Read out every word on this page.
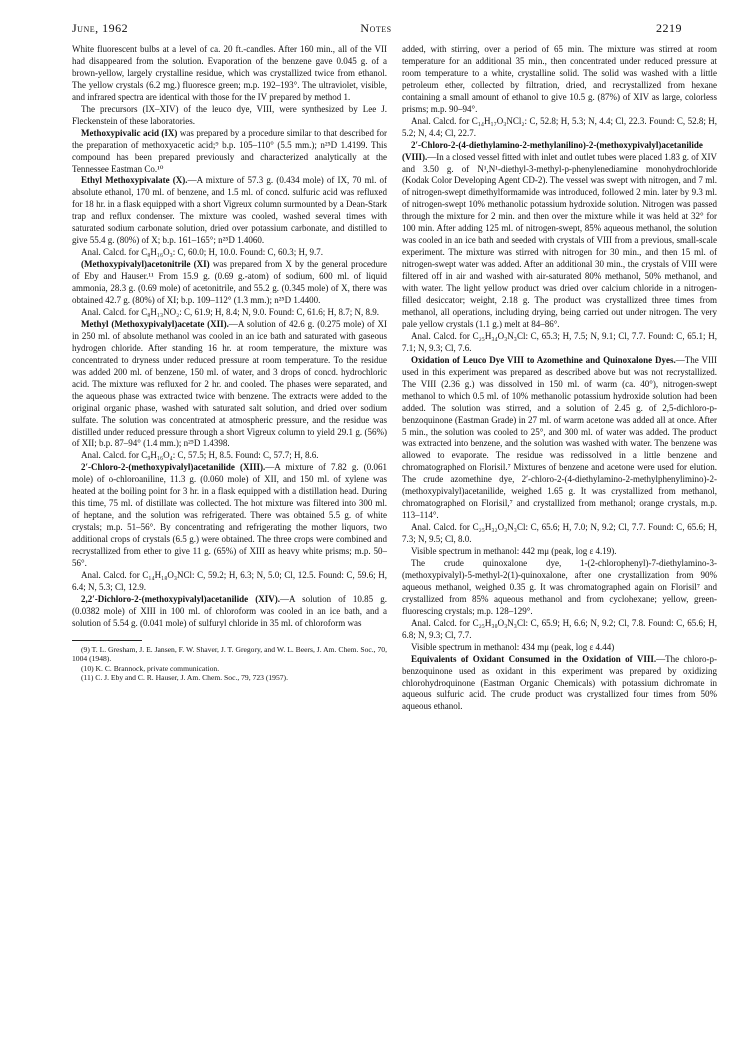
June, 1962	Notes	2219

White fluorescent bulbs at a level of ca. 20 ft.-candles. After 160 min., all of the VII had disappeared from the solution. Evaporation of the benzene gave 0.045 g. of a brown-yellow, largely crystalline residue, which was crystallized twice from ethanol. The yellow crystals (6.2 mg.) fluoresce green; m.p. 192–193°. The ultraviolet, visible, and infrared spectra are identical with those for the IV prepared by method 1.

The precursors (IX–XIV) of the leuco dye, VIII, were synthesized by Lee J. Fleckenstein of these laboratories.

Methoxypivalic acid (IX) was prepared by a procedure similar to that described for the preparation of methoxyacetic acid;⁹ b.p. 105–110° (5.5 mm.); n²⁵D 1.4199. This compound has been prepared previously and characterized analytically at the Tennessee Eastman Co.¹⁰

Ethyl Methoxypivalate (X).—A mixture of 57.3 g. (0.434 mole) of IX, 70 ml. of absolute ethanol, 170 ml. of benzene, and 1.5 ml. of concd. sulfuric acid was refluxed for 18 hr. in a flask equipped with a short Vigreux column surmounted by a Dean-Stark trap and reflux condenser. The mixture was cooled, washed several times with saturated sodium carbonate solution, dried over potassium carbonate, and distilled to give 55.4 g. (80%) of X; b.p. 161–165°; n²⁵D 1.4060.

Anal. Calcd. for C₈H₁₆O₃: C, 60.0; H, 10.0. Found: C, 60.3; H, 9.7.

(Methoxypivalyl)acetonitrile (XI) was prepared from X by the general procedure of Eby and Hauser.¹¹ From 15.9 g. (0.69 g.-atom) of sodium, 600 ml. of liquid ammonia, 28.3 g. (0.69 mole) of acetonitrile, and 55.2 g. (0.345 mole) of X, there was obtained 42.7 g. (80%) of XI; b.p. 109–112° (1.3 mm.); n²⁵D 1.4400.

Anal. Calcd. for C₈H₁₃NO₂: C, 61.9; H, 8.4; N, 9.0. Found: C, 61.6; H, 8.7; N, 8.9.

Methyl (Methoxypivalyl)acetate (XII).—A solution of 42.6 g. (0.275 mole) of XI in 250 ml. of absolute methanol was cooled in an ice bath and saturated with gaseous hydrogen chloride. After standing 16 hr. at room temperature, the mixture was concentrated to dryness under reduced pressure at room temperature. To the residue was added 200 ml. of benzene, 150 ml. of water, and 3 drops of concd. hydrochloric acid. The mixture was refluxed for 2 hr. and cooled. The phases were separated, and the aqueous phase was extracted twice with benzene. The extracts were added to the original organic phase, washed with saturated salt solution, and dried over sodium sulfate. The solution was concentrated at atmospheric pressure, and the residue was distilled under reduced pressure through a short Vigreux column to yield 29.1 g. (56%) of XII; b.p. 87–94° (1.4 mm.); n²⁵D 1.4398.

Anal. Calcd. for C₉H₁₆O₄: C, 57.5; H, 8.5. Found: C, 57.7; H, 8.6.

2′-Chloro-2-(methoxypivalyl)acetanilide (XIII).—A mixture of 7.82 g. (0.061 mole) of o-chloroaniline, 11.3 g. (0.060 mole) of XII, and 150 ml. of xylene was heated at the boiling point for 3 hr. in a flask equipped with a distillation head. During this time, 75 ml. of distillate was collected. The hot mixture was filtered into 300 ml. of heptane, and the solution was refrigerated. There was obtained 5.5 g. of white crystals; m.p. 51–56°. By concentrating and refrigerating the mother liquors, two additional crops of crystals (6.5 g.) were obtained. The three crops were combined and recrystallized from ether to give 11 g. (65%) of XIII as heavy white prisms; m.p. 50–56°.

Anal. Calcd. for C₁₄H₁₈O₃NCl: C, 59.2; H, 6.3; N, 5.0; Cl, 12.5. Found: C, 59.6; H, 6.4; N, 5.3; Cl, 12.9.

2,2′-Dichloro-2-(methoxypivalyl)acetanilide (XIV).—A solution of 10.85 g. (0.0382 mole) of XIII in 100 ml. of chloroform was cooled in an ice bath, and a solution of 5.54 g. (0.041 mole) of sulfuryl chloride in 35 ml. of chloroform was

(9) T. L. Gresham, J. E. Jansen, F. W. Shaver, J. T. Gregory, and W. L. Beers, J. Am. Chem. Soc., 70, 1004 (1948).

(10) K. C. Brannock, private communication.

(11) C. J. Eby and C. R. Hauser, J. Am. Chem. Soc., 79, 723 (1957).

added, with stirring, over a period of 65 min. The mixture was stirred at room temperature for an additional 35 min., then concentrated under reduced pressure at room temperature to a white, crystalline solid. The solid was washed with a little petroleum ether, collected by filtration, dried, and recrystallized from hexane containing a small amount of ethanol to give 10.5 g. (87%) of XIV as large, colorless prisms; m.p. 90–94°.

Anal. Calcd. for C₁₄H₁₇O₃NCl₂: C, 52.8; H, 5.3; N, 4.4; Cl, 22.3. Found: C, 52.8; H, 5.2; N, 4.4; Cl, 22.7.

2′-Chloro-2-(4-diethylamino-2-methylanilino)-2-(methoxypivalyl)acetanilide (VIII).—In a closed vessel fitted with inlet and outlet tubes were placed 1.83 g. of XIV and 3.50 g. of N¹,N¹-diethyl-3-methyl-p-phenylenediamine monohydrochloride (Kodak Color Developing Agent CD-2). The vessel was swept with nitrogen, and 7 ml. of nitrogen-swept dimethylformamide was introduced, followed 2 min. later by 9.3 ml. of nitrogen-swept 10% methanolic potassium hydroxide solution. Nitrogen was passed through the mixture for 2 min. and then over the mixture while it was held at 32° for 100 min. After adding 125 ml. of nitrogen-swept, 85% aqueous methanol, the solution was cooled in an ice bath and seeded with crystals of VIII from a previous, small-scale experiment. The mixture was stirred with nitrogen for 30 min., and then 15 ml. of nitrogen-swept water was added. After an additional 30 min., the crystals of VIII were filtered off in air and washed with air-saturated 80% methanol, 50% methanol, and with water. The light yellow product was dried over calcium chloride in a nitrogen-filled desiccator; weight, 2.18 g. The product was crystallized three times from methanol, all operations, including drying, being carried out under nitrogen. The very pale yellow crystals (1.1 g.) melt at 84–86°.

Anal. Calcd. for C₂₅H₃₄O₃N₃Cl: C, 65.3; H, 7.5; N, 9.1; Cl, 7.7. Found: C, 65.1; H, 7.1; N, 9.3; Cl, 7.6.

Oxidation of Leuco Dye VIII to Azomethine and Quinoxalone Dyes.—The VIII used in this experiment was prepared as described above but was not recrystallized. The VIII (2.36 g.) was dissolved in 150 ml. of warm (ca. 40°), nitrogen-swept methanol to which 0.5 ml. of 10% methanolic potassium hydroxide solution had been added. The solution was stirred, and a solution of 2.45 g. of 2,5-dichloro-p-benzoquinone (Eastman Grade) in 27 ml. of warm acetone was added all at once. After 5 min., the solution was cooled to 25°, and 300 ml. of water was added. The product was extracted into benzene, and the solution was washed with water. The benzene was allowed to evaporate. The residue was redissolved in a little benzene and chromatographed on Florisil.⁷ Mixtures of benzene and acetone were used for elution. The crude azomethine dye, 2′-chloro-2-(4-diethylamino-2-methylphenylimino)-2-(methoxypivalyl)acetanilide, weighed 1.65 g. It was crystallized from methanol, chromatographed on Florisil,⁷ and crystallized from methanol; orange crystals, m.p. 113–114°.

Anal. Calcd. for C₂₅H₃₂O₃N₃Cl: C, 65.6; H, 7.0; N, 9.2; Cl, 7.7. Found: C, 65.6; H, 7.3; N, 9.5; Cl, 8.0.

Visible spectrum in methanol: 442 mμ (peak, log ε 4.19).

The crude quinoxalone dye, 1-(2-chlorophenyl)-7-diethylamino-3-(methoxypivalyl)-5-methyl-2(1)-quinoxalone, after one crystallization from 90% aqueous methanol, weighed 0.35 g. It was chromatographed again on Florisil⁷ and crystallized from 85% aqueous methanol and from cyclohexane; yellow, green-fluorescing crystals; m.p. 128–129°.

Anal. Calcd. for C₂₅H₃₀O₃N₃Cl: C, 65.9; H, 6.6; N, 9.2; Cl, 7.8. Found: C, 65.6; H, 6.8; N, 9.3; Cl, 7.7.

Visible spectrum in methanol: 434 mμ (peak, log ε 4.44)

Equivalents of Oxidant Consumed in the Oxidation of VIII.—The chloro-p-benzoquinone used as oxidant in this experiment was prepared by oxidizing chlorohydroquinone (Eastman Organic Chemicals) with potassium dichromate in aqueous sulfuric acid. The crude product was crystallized four times from 50% aqueous ethanol.
